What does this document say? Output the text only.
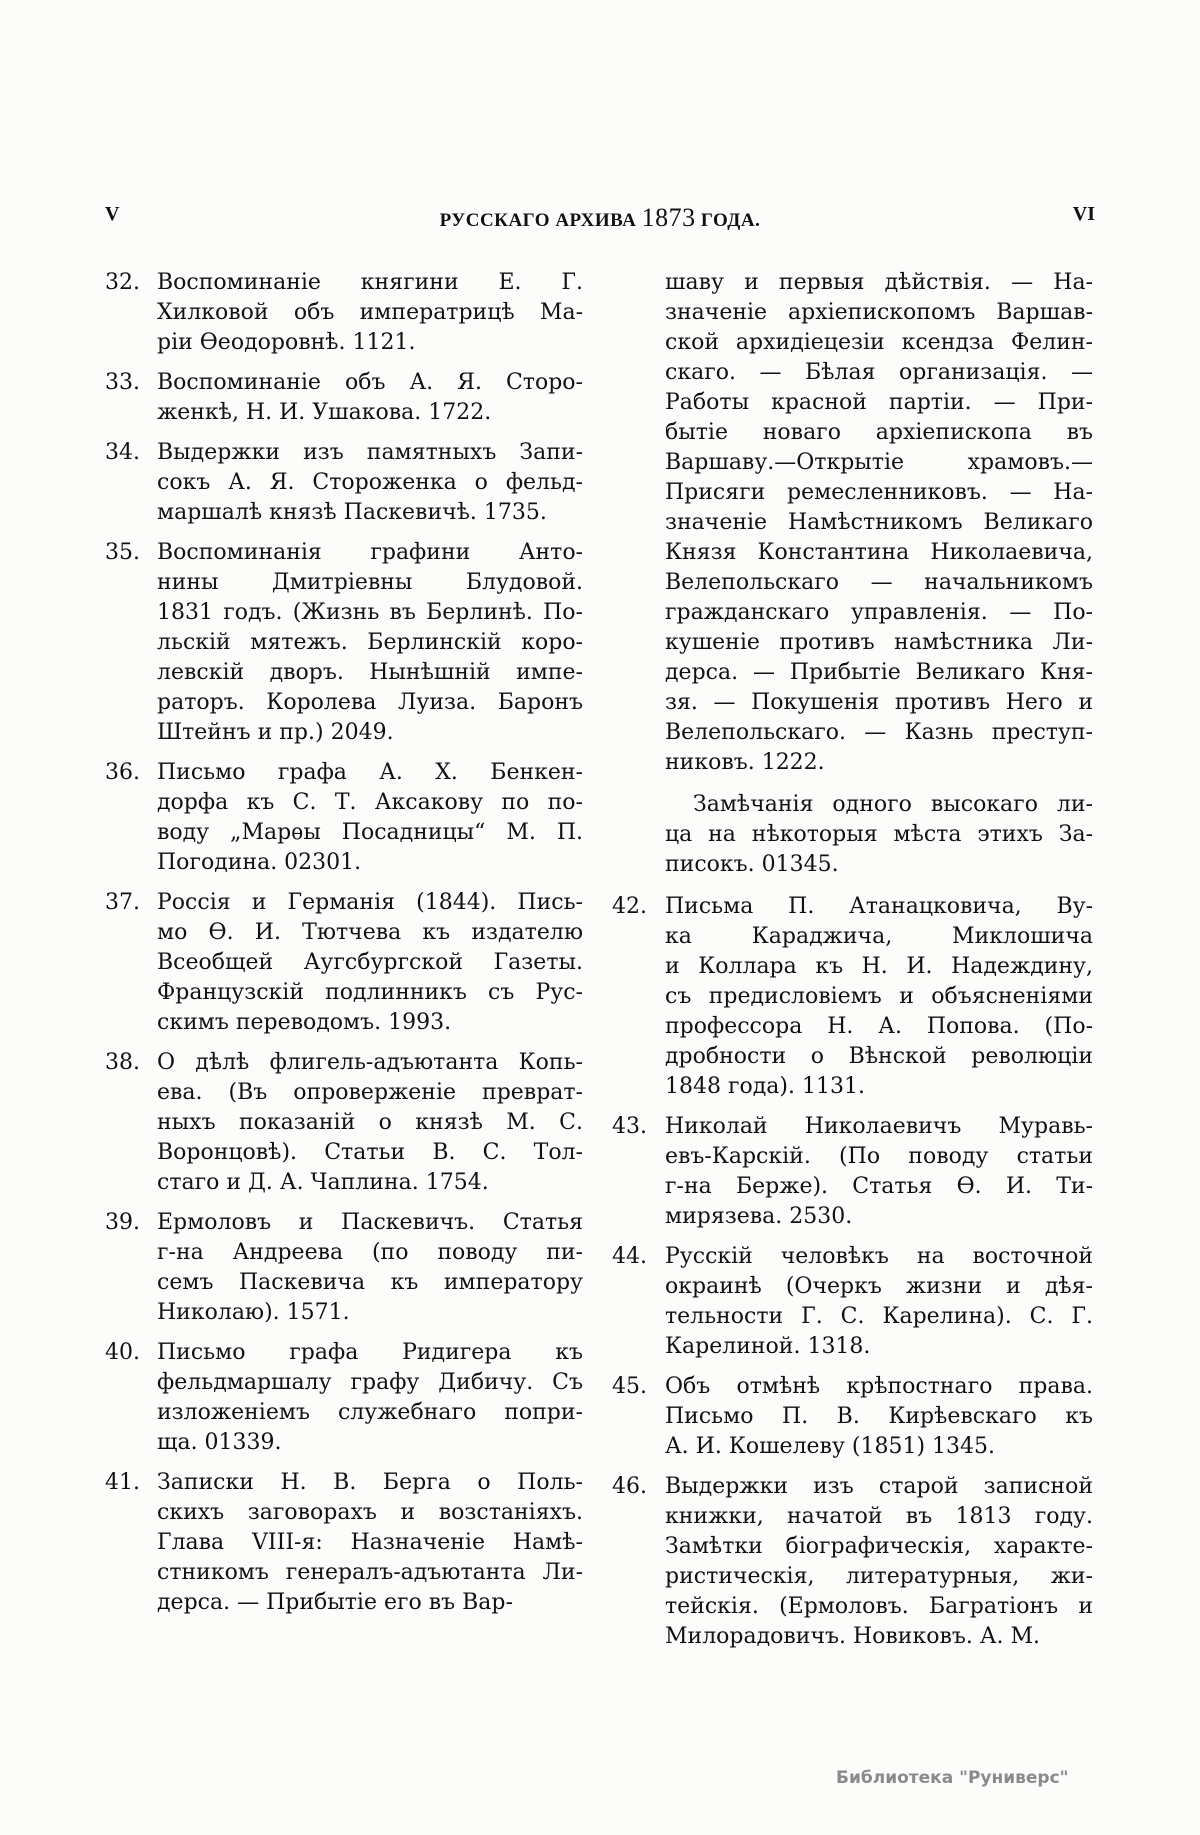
V	РУССКАГО АРХИВА 1873 ГОДА.	VI
32. Воспоминаніе княгини Е. Г.
Хилковой объ императрицѣ Ма-
ріи Ѳеодоровнѣ. 1121.
33. Воспоминаніе объ А. Я. Сторо-
женкѣ, Н. И. Ушакова. 1722.
34. Выдержки изъ памятныхъ Запи-
сокъ А. Я. Стороженка о фельд-
маршалѣ князѣ Паскевичѣ. 1735.
35. Воспоминанія графини Анто-
нины Дмитріевны Блудовой.
1831 годъ. (Жизнь въ Берлинѣ. По-
льскій мятежъ. Берлинскій коро-
левскій дворъ. Нынѣшній импе-
раторъ. Королева Луиза. Баронъ
Штейнъ и пр.) 2049.
36. Письмо графа А. Х. Бенкен-
дорфа къ С. Т. Аксакову по по-
воду „Марѳы Посадницы“ М. П.
Погодина. 02301.
37. Россія и Германія (1844). Пись-
мо Ѳ. И. Тютчева къ издателю
Всеобщей Аугсбургской Газеты.
Французскій подлинникъ съ Рус-
скимъ переводомъ. 1993.
38. О дѣлѣ флигель-адъютанта Копь-
ева. (Въ опроверженіе преврат-
ныхъ показаній о князѣ М. С.
Воронцовѣ). Статьи В. С. Тол-
стаго и Д. А. Чаплина. 1754.
39. Ермоловъ и Паскевичъ. Статья
г-на Андреева (по поводу пи-
семъ Паскевича къ императору
Николаю). 1571.
40. Письмо графа Ридигера къ
фельдмаршалу графу Дибичу. Съ
изложеніемъ служебнаго попри-
ща. 01339.
41. Записки Н. В. Берга о Поль-
скихъ заговорахъ и возстаніяхъ.
Глава VIII-я: Назначеніе Намѣ-
стникомъ генералъ-адъютанта Ли-
дерса. — Прибытіе его въ Вар-
шаву и первыя дѣйствія. — На-
значеніе архіепископомъ Варшав-
ской архидіецезіи ксендза Фелин-
скаго. — Бѣлая организація. —
Работы красной партіи. — При-
бытіе новаго архіепископа въ
Варшаву.—Открытіе храмовъ.—
Присяги ремесленниковъ. — На-
значеніе Намѣстникомъ Великаго
Князя Константина Николаевича,
Велепольскаго — начальникомъ
гражданскаго управленія. — По-
кушеніе противъ намѣстника Ли-
дерса. — Прибытіе Великаго Кня-
зя. — Покушенія противъ Него и
Велепольскаго. — Казнь преступ-
никовъ. 1222.
Замѣчанія одного высокаго ли-
ца на нѣкоторыя мѣста этихъ За-
писокъ. 01345.
42. Письма П. Атанацковича, Ву-
ка Караджича, Миклошича
и Коллара къ Н. И. Надеждину,
съ предисловіемъ и объясненіями
профессора Н. А. Попова. (По-
дробности о Вѣнской революціи
1848 года). 1131.
43. Николай Николаевичъ Муравь-
евъ-Карскій. (По поводу статьи
г-на Берже). Статья Ѳ. И. Ти-
мирязева. 2530.
44. Русскій человѣкъ на восточной
окраинѣ (Очеркъ жизни и дѣя-
тельности Г. С. Карелина). С. Г.
Карелиной. 1318.
45. Объ отмѣнѣ крѣпостнаго права.
Письмо П. В. Кирѣевскаго къ
А. И. Кошелеву (1851) 1345.
46. Выдержки изъ старой записной
книжки, начатой въ 1813 году.
Замѣтки біографическія, характе-
ристическія, литературныя, жи-
тейскія. (Ермоловъ. Багратіонъ и
Милорадовичъ. Новиковъ. А. М.
Библиотека "Руниверс"
